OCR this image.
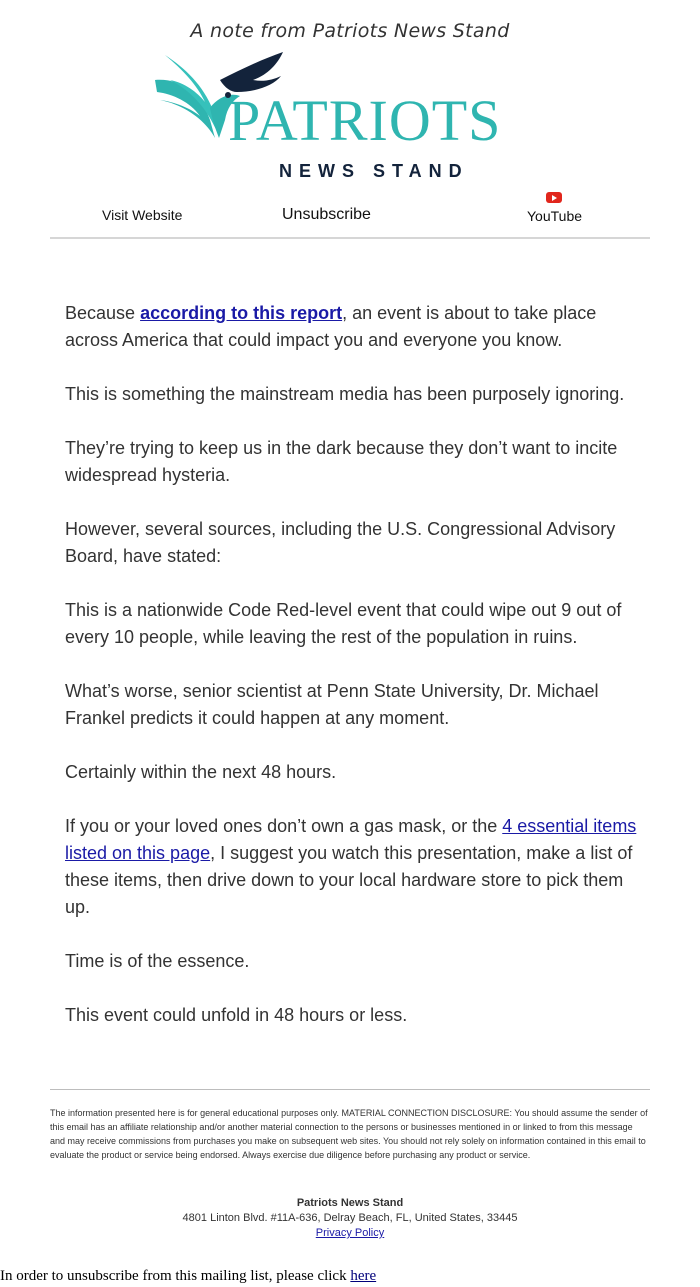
A note from Patriots News Stand
PATRIOTS
NEWS STAND
Visit Website	Unsubscribe	YouTube

Because according to this report, an event is about to take place across America that could impact you and everyone you know.

This is something the mainstream media has been purposely ignoring.

They’re trying to keep us in the dark because they don’t want to incite widespread hysteria.

However, several sources, including the U.S. Congressional Advisory Board, have stated:

This is a nationwide Code Red-level event that could wipe out 9 out of every 10 people, while leaving the rest of the population in ruins.

What’s worse, senior scientist at Penn State University, Dr. Michael Frankel predicts it could happen at any moment.

Certainly within the next 48 hours.

If you or your loved ones don’t own a gas mask, or the 4 essential items listed on this page, I suggest you watch this presentation, make a list of these items, then drive down to your local hardware store to pick them up.

Time is of the essence.

This event could unfold in 48 hours or less.

The information presented here is for general educational purposes only. MATERIAL CONNECTION DISCLOSURE: You should assume the sender of this email has an affiliate relationship and/or another material connection to the persons or businesses mentioned in or linked to from this message and may receive commissions from purchases you make on subsequent web sites. You should not rely solely on information contained in this email to evaluate the product or service being endorsed. Always exercise due diligence before purchasing any product or service.
Patriots News Stand
4801 Linton Blvd. #11A-636, Delray Beach, FL, United States, 33445
Privacy Policy
In order to unsubscribe from this mailing list, please click here
